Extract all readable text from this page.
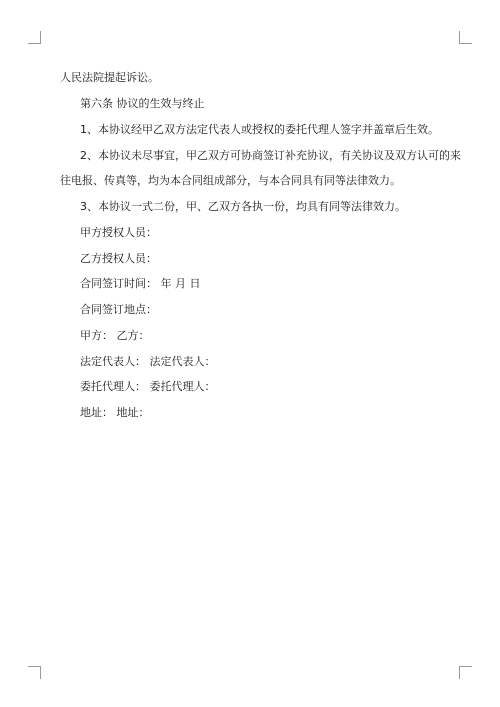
人民法院提起诉讼。

第六条 协议的生效与终止

1、本协议经甲乙双方法定代表人或授权的委托代理人签字并盖章后生效。

2、本协议未尽事宜，甲乙双方可协商签订补充协议，有关协议及双方认可的来

往电报、传真等，均为本合同组成部分，与本合同具有同等法律效力。

3、本协议一式二份，甲、乙双方各执一份，均具有同等法律效力。

甲方授权人员：

乙方授权人员：

合同签订时间： 年 月 日

合同签订地点：

甲方： 乙方：

法定代表人： 法定代表人：

委托代理人： 委托代理人：

地址： 地址：
